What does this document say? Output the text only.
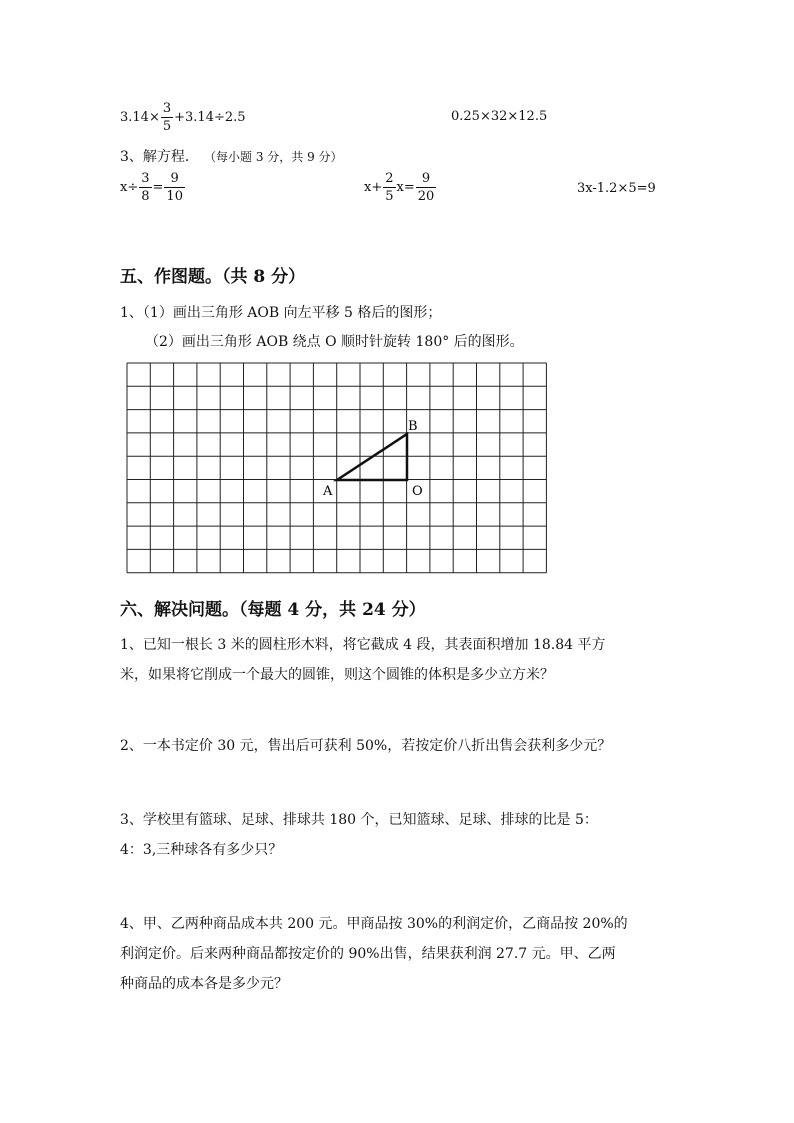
$3.14\times \frac{3}{5} +3.14\div 2.5$	0.25×32×12.5
3、解方程． （每小题 3 分，共 9 分）
$x\div \frac{3}{8} = \frac{9}{10}$	$x+ \frac{2}{5} x= \frac{9}{20}$	3x-1.2×5=9
五、作图题。（共 8 分）
1、（1）画出三角形 AOB 向左平移 5 格后的图形；
（2）画出三角形 AOB 绕点 O 顺时针旋转 180° 后的图形。
A
B
O
六、解决问题。（每题 4 分，共 24 分）
1、已知一根长 3 米的圆柱形木料，将它截成 4 段，其表面积增加 18.84 平方
米，如果将它削成一个最大的圆锥，则这个圆锥的体积是多少立方米？
2、一本书定价 30 元，售出后可获利 50%，若按定价八折出售会获利多少元？
3、学校里有篮球、足球、排球共 180 个，已知篮球、足球、排球的比是 5：
4：3,三种球各有多少只？
4、甲、乙两种商品成本共 200 元。甲商品按 30%的利润定价，乙商品按 20%的
利润定价。后来两种商品都按定价的 90%出售，结果获利润 27.7 元。甲、乙两
种商品的成本各是多少元？
